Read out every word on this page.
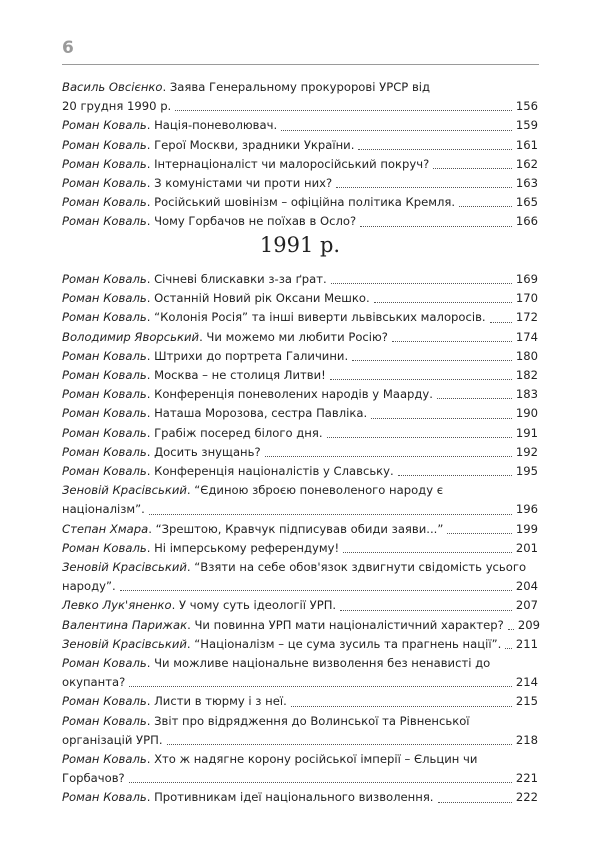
6
Василь Овсієнко . Заява Генеральному прокуророві УРСР від
20 грудня 1990 р.	156
Роман Коваль. Нація-поневолювач.	159
Роман Коваль. Герої Москви, зрадники України.	161
Роман Коваль. Інтернаціоналіст чи малоросійський покруч?	162
Роман Коваль. З комуністами чи проти них?	163
Роман Коваль. Російський шовінізм – офіційна політика Кремля.	165
Роман Коваль. Чому Горбачов не поїхав в Осло?	166
1991 р.
Роман Коваль. Січневі блискавки з-за ґрат.	169
Роман Коваль. Останній Новий рік Оксани Мешко.	170
Роман Коваль. “Колонія Росія” та інші виверти львівських малоросів.	172
Володимир Яворський. Чи можемо ми любити Росію?	174
Роман Коваль. Штрихи до портрета Галичини.	180
Роман Коваль. Москва – не столиця Литви!	182
Роман Коваль. Конференція поневолених народів у Маарду.	183
Роман Коваль. Наташа Морозова, сестра Павліка.	190
Роман Коваль. Грабіж посеред білого дня.	191
Роман Коваль. Досить знущань?	192
Роман Коваль. Конференція націоналістів у Славську.	195
Зеновій Красівський . “Єдиною зброєю поневоленого народу є
націоналізм”.	196
Степан Хмара. “Зрештою, Кравчук підписував обиди заяви...”	199
Роман Коваль. Ні імперському референдуму!	201
Зеновій Красівський . “Взяти на себе обов'язок здвигнути свідомість усього
народу”.	204
Левко Лук'яненко. У чому суть ідеології УРП.	207
Валентина Парижак. Чи повинна УРП мати націоналістичний характер? 209
Зеновій Красівський. “Націоналізм – це сума зусиль та прагнень нації”. 211
Роман Коваль . Чи можливе національне визволення без ненависті до
окупанта?	214
Роман Коваль. Листи в тюрму і з неї.	215
Роман Коваль . Звіт про відрядження до Волинської та Рівненської
організацій УРП.	218
Роман Коваль . Хто ж надягне корону російської імперії – Єльцин чи
Горбачов?	221
Роман Коваль. Противникам ідеї національного визволення.	222
